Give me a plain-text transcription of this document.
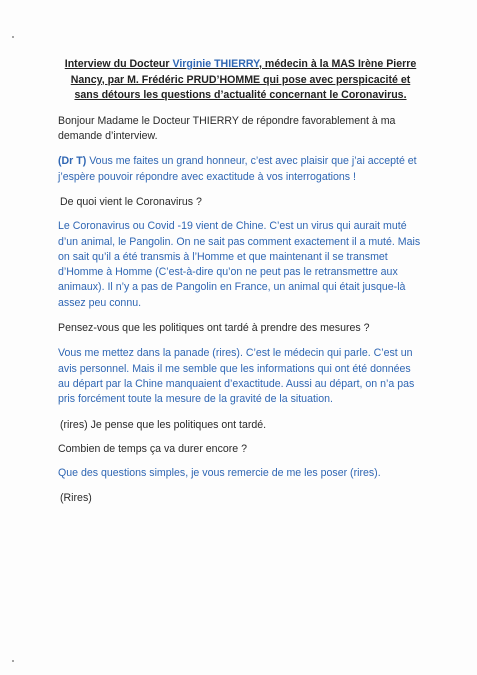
Interview du Docteur Virginie THIERRY, médecin à la MAS Irène Pierre Nancy, par M. Frédéric PRUD’HOMME qui pose avec perspicacité et sans détours les questions d’actualité concernant le Coronavirus.

Bonjour Madame le Docteur THIERRY de répondre favorablement à ma demande d’interview.

(Dr T) Vous me faites un grand honneur, c’est avec plaisir que j’ai accepté et j’espère pouvoir répondre avec exactitude à vos interrogations !

De quoi vient le Coronavirus ?

Le Coronavirus ou Covid -19 vient de Chine. C’est un virus qui aurait muté d’un animal, le Pangolin. On ne sait pas comment exactement il a muté. Mais on sait qu’il a été transmis à l’Homme et que maintenant il se transmet d’Homme à Homme (C’est-à-dire qu’on ne peut pas le retransmettre aux animaux). Il n’y a pas de Pangolin en France, un animal qui était jusque-là assez peu connu.

Pensez-vous que les politiques ont tardé à prendre des mesures ?

Vous me mettez dans la panade (rires). C’est le médecin qui parle. C’est un avis personnel. Mais il me semble que les informations qui ont été données au départ par la Chine manquaient d’exactitude. Aussi au départ, on n’a pas pris forcément toute la mesure de la gravité de la situation.

(rires) Je pense que les politiques ont tardé.

Combien de temps ça va durer encore ?

Que des questions simples, je vous remercie de me les poser (rires).

(Rires)
